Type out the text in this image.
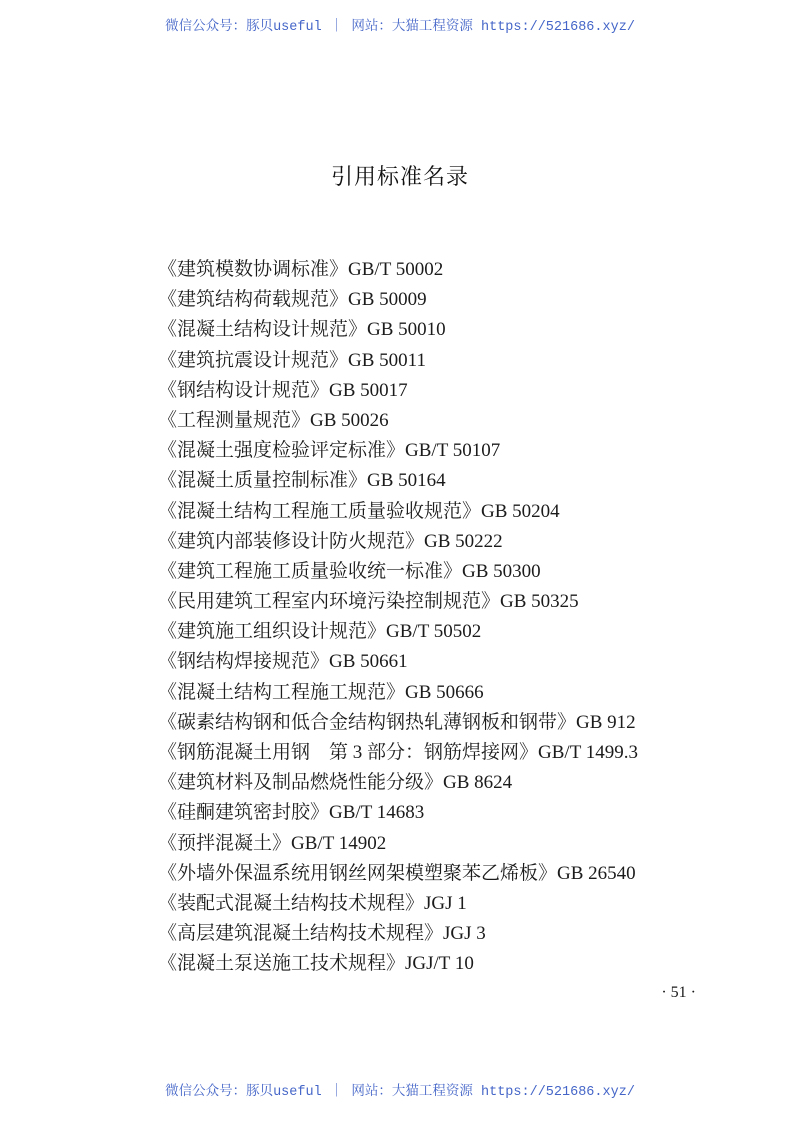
微信公众号：豚贝useful ｜ 网站：大猫工程资源 https://521686.xyz/
引用标准名录
《建筑模数协调标准》GB/T 50002
《建筑结构荷载规范》GB 50009
《混凝土结构设计规范》GB 50010
《建筑抗震设计规范》GB 50011
《钢结构设计规范》GB 50017
《工程测量规范》GB 50026
《混凝土强度检验评定标准》GB/T 50107
《混凝土质量控制标准》GB 50164
《混凝土结构工程施工质量验收规范》GB 50204
《建筑内部装修设计防火规范》GB 50222
《建筑工程施工质量验收统一标准》GB 50300
《民用建筑工程室内环境污染控制规范》GB 50325
《建筑施工组织设计规范》GB/T 50502
《钢结构焊接规范》GB 50661
《混凝土结构工程施工规范》GB 50666
《碳素结构钢和低合金结构钢热轧薄钢板和钢带》GB 912
《钢筋混凝土用钢　第 3 部分：钢筋焊接网》GB/T 1499.3
《建筑材料及制品燃烧性能分级》GB 8624
《硅酮建筑密封胶》GB/T 14683
《预拌混凝土》GB/T 14902
《外墙外保温系统用钢丝网架模塑聚苯乙烯板》GB 26540
《装配式混凝土结构技术规程》JGJ 1
《高层建筑混凝土结构技术规程》JGJ 3
《混凝土泵送施工技术规程》JGJ/T 10
· 51 ·
微信公众号：豚贝useful ｜ 网站：大猫工程资源 https://521686.xyz/
